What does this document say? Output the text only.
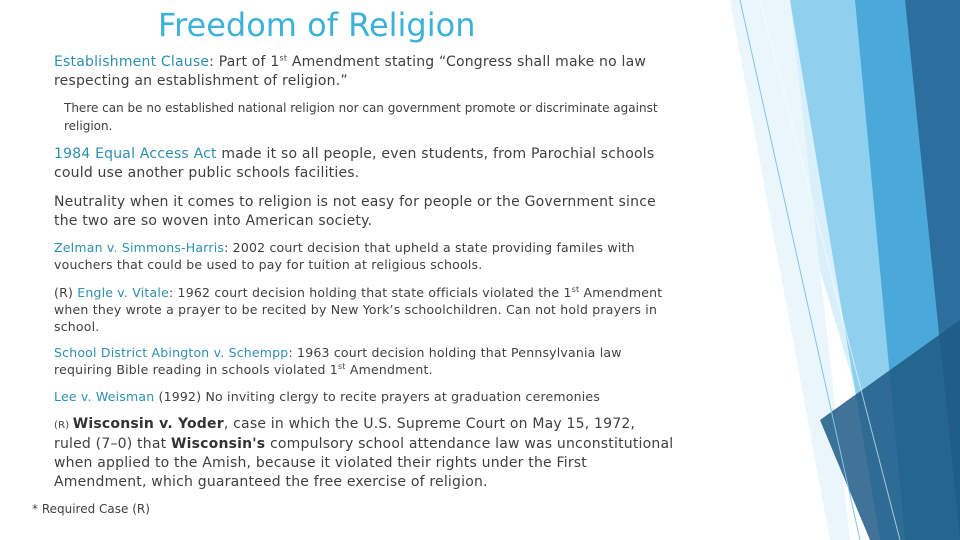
Freedom of Religion
Establishment Clause: Part of 1st Amendment stating “Congress shall make no law respecting an establishment of religion.”
There can be no established national religion nor can government promote or discriminate against religion.
1984 Equal Access Act made it so all people, even students, from Parochial schools could use another public schools facilities.
Neutrality when it comes to religion is not easy for people or the Government since the two are so woven into American society.
Zelman v. Simmons-Harris: 2002 court decision that upheld a state providing familes with vouchers that could be used to pay for tuition at religious schools.
(R) Engle v. Vitale: 1962 court decision holding that state officials violated the 1st Amendment when they wrote a prayer to be recited by New York’s schoolchildren. Can not hold prayers in school.
School District Abington v. Schempp: 1963 court decision holding that Pennsylvania law requiring Bible reading in schools violated 1st Amendment.
Lee v. Weisman (1992) No inviting clergy to recite prayers at graduation ceremonies
(R) Wisconsin v. Yoder, case in which the U.S. Supreme Court on May 15, 1972, ruled (7–0) that Wisconsin's compulsory school attendance law was unconstitutional when applied to the Amish, because it violated their rights under the First Amendment, which guaranteed the free exercise of religion.
* Required Case (R)
